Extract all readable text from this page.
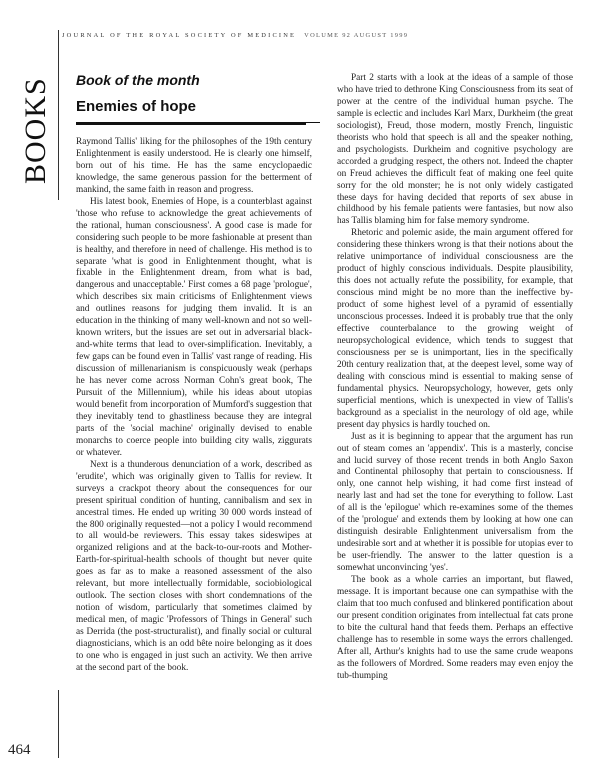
JOURNAL OF THE ROYAL SOCIETY OF MEDICINE VOLUME 92 AUGUST 1999
BOOKS
464
Book of the month
Enemies of hope

Raymond Tallis' liking for the philosophes of the 19th century Enlightenment is easily understood. He is clearly one himself, born out of his time. He has the same encyclopaedic knowledge, the same generous passion for the betterment of mankind, the same faith in reason and progress.

His latest book, Enemies of Hope, is a counterblast against 'those who refuse to acknowledge the great achievements of the rational, human consciousness'. A good case is made for considering such people to be more fashionable at present than is healthy, and therefore in need of challenge. His method is to separate 'what is good in Enlightenment thought, what is fixable in the Enlightenment dream, from what is bad, dangerous and unacceptable.' First comes a 68 page 'prologue', which describes six main criticisms of Enlightenment views and outlines reasons for judging them invalid. It is an education in the thinking of many well-known and not so well-known writers, but the issues are set out in adversarial black-and-white terms that lead to over-simplification. Inevitably, a few gaps can be found even in Tallis' vast range of reading. His discussion of millenarianism is conspicuously weak (perhaps he has never come across Norman Cohn's great book, The Pursuit of the Millennium), while his ideas about utopias would benefit from incorporation of Mumford's suggestion that they inevitably tend to ghastliness because they are integral parts of the 'social machine' originally devised to enable monarchs to coerce people into building city walls, ziggurats or whatever.

Next is a thunderous denunciation of a work, described as 'erudite', which was originally given to Tallis for review. It surveys a crackpot theory about the consequences for our present spiritual condition of hunting, cannibalism and sex in ancestral times. He ended up writing 30 000 words instead of the 800 originally requested—not a policy I would recommend to all would-be reviewers. This essay takes sideswipes at organized religions and at the back-to-our-roots and Mother-Earth-for-spiritual-health schools of thought but never quite goes as far as to make a reasoned assessment of the also relevant, but more intellectually formidable, sociobiological outlook. The section closes with short condemnations of the notion of wisdom, particularly that sometimes claimed by medical men, of magic 'Professors of Things in General' such as Derrida (the post-structuralist), and finally social or cultural diagnosticians, which is an odd bête noire belonging as it does to one who is engaged in just such an activity. We then arrive at the second part of the book.

Part 2 starts with a look at the ideas of a sample of those who have tried to dethrone King Consciousness from its seat of power at the centre of the individual human psyche. The sample is eclectic and includes Karl Marx, Durkheim (the great sociologist), Freud, those modern, mostly French, linguistic theorists who hold that speech is all and the speaker nothing, and psychologists. Durkheim and cognitive psychology are accorded a grudging respect, the others not. Indeed the chapter on Freud achieves the difficult feat of making one feel quite sorry for the old monster; he is not only widely castigated these days for having decided that reports of sex abuse in childhood by his female patients were fantasies, but now also has Tallis blaming him for false memory syndrome.

Rhetoric and polemic aside, the main argument offered for considering these thinkers wrong is that their notions about the relative unimportance of individual consciousness are the product of highly conscious individuals. Despite plausibility, this does not actually refute the possibility, for example, that conscious mind might be no more than the ineffective by-product of some highest level of a pyramid of essentially unconscious processes. Indeed it is probably true that the only effective counterbalance to the growing weight of neuropsychological evidence, which tends to suggest that consciousness per se is unimportant, lies in the specifically 20th century realization that, at the deepest level, some way of dealing with conscious mind is essential to making sense of fundamental physics. Neuropsychology, however, gets only superficial mentions, which is unexpected in view of Tallis's background as a specialist in the neurology of old age, while present day physics is hardly touched on.

Just as it is beginning to appear that the argument has run out of steam comes an 'appendix'. This is a masterly, concise and lucid survey of those recent trends in both Anglo Saxon and Continental philosophy that pertain to consciousness. If only, one cannot help wishing, it had come first instead of nearly last and had set the tone for everything to follow. Last of all is the 'epilogue' which re-examines some of the themes of the 'prologue' and extends them by looking at how one can distinguish desirable Enlightenment universalism from the undesirable sort and at whether it is possible for utopias ever to be user-friendly. The answer to the latter question is a somewhat unconvincing 'yes'.

The book as a whole carries an important, but flawed, message. It is important because one can sympathise with the claim that too much confused and blinkered pontification about our present condition originates from intellectual fat cats prone to bite the cultural hand that feeds them. Perhaps an effective challenge has to resemble in some ways the errors challenged. After all, Arthur's knights had to use the same crude weapons as the followers of Mordred. Some readers may even enjoy the tub-thumping
